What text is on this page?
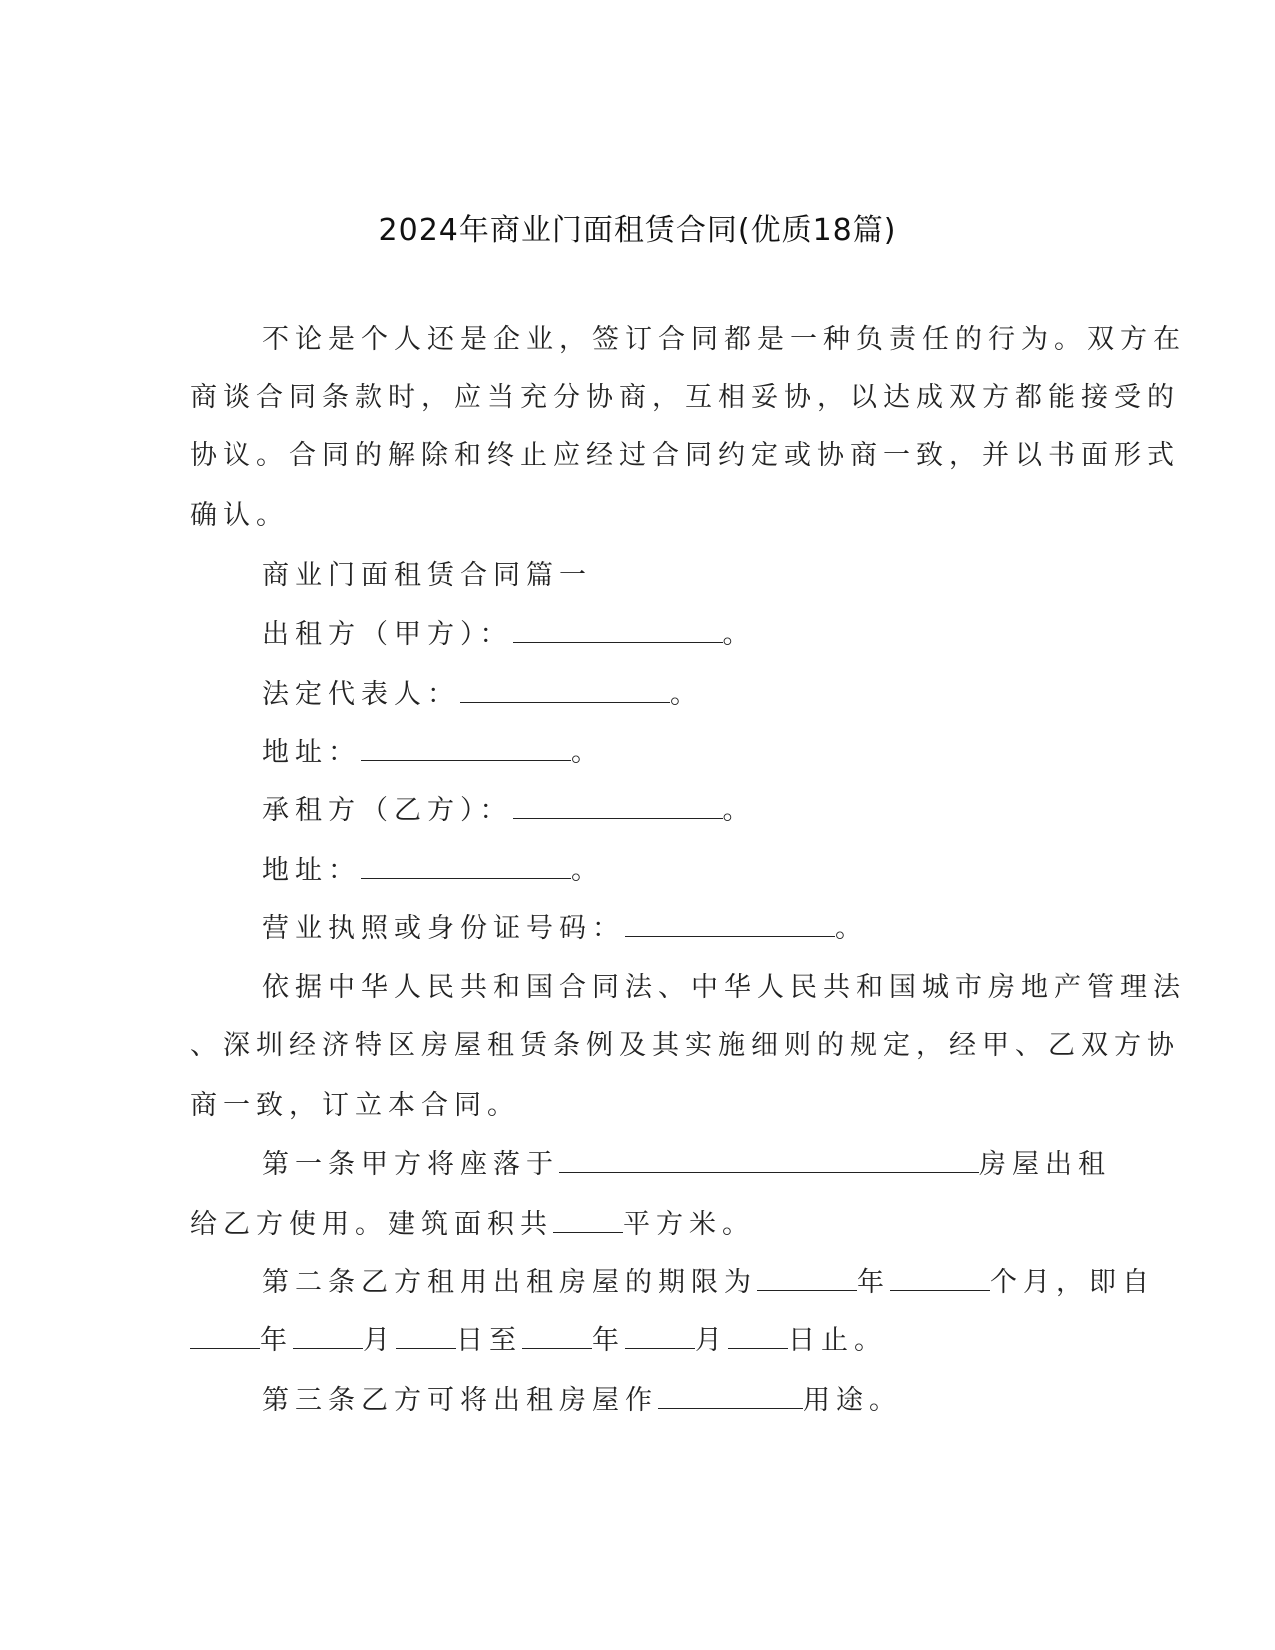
2024年商业门面租赁合同(优质18篇)
不论是个人还是企业，签订合同都是一种负责任的行为。双方在
商谈合同条款时，应当充分协商，互相妥协，以达成双方都能接受的
协议。合同的解除和终止应经过合同约定或协商一致，并以书面形式
确认。
商业门面租赁合同篇一
出租方（甲方）：	。
法定代表人：	。
地址：	。
承租方（乙方）：	。
地址：	。
营业执照或身份证号码：	。
依据中华人民共和国合同法、中华人民共和国城市房地产管理法
、深圳经济特区房屋租赁条例及其实施细则的规定，经甲、乙双方协
商一致，订立本合同。
第一条甲方将座落于	房屋出租
给乙方使用。建筑面积共	平方米。
第二条乙方租用出租房屋的期限为	年	个月，即自
年	月 日至	年	月 日止。
第三条乙方可将出租房屋作	用途。
